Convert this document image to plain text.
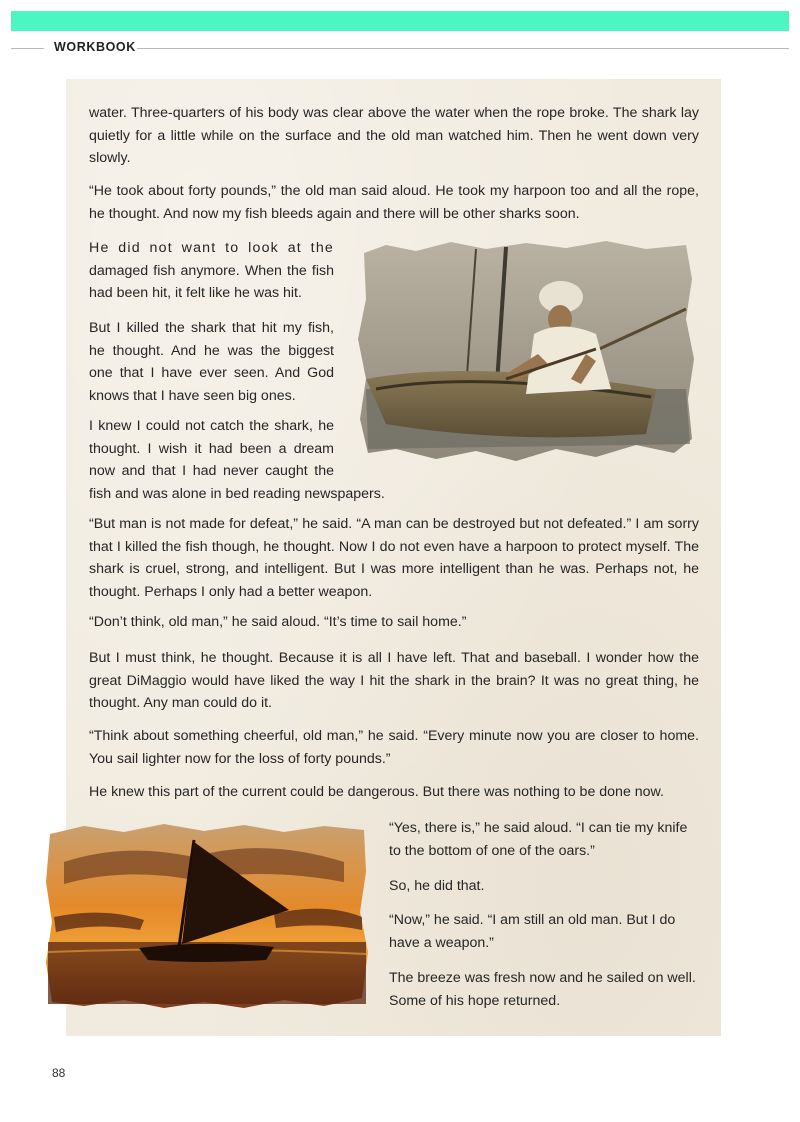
WORKBOOK

water. Three-quarters of his body was clear above the water when the rope broke. The shark lay quietly for a little while on the surface and the old man watched him. Then he went down very slowly.

“He took about forty pounds,” the old man said aloud. He took my harpoon too and all the rope, he thought. And now my fish bleeds again and there will be other sharks soon.

He did not want to look at the
damaged fish anymore. When the fish
had been hit, it felt like he was hit.
But I killed the shark that hit my fish,
he thought. And he was the biggest
one that I have ever seen. And God
knows that I have seen big ones.
I knew I could not catch the shark, he
thought. I wish it had been a dream
now and that I had never caught the
fish and was alone in bed reading newspapers.

“But man is not made for defeat,” he said. “A man can be destroyed but not defeated.” I am sorry that I killed the fish though, he thought. Now I do not even have a harpoon to protect myself. The shark is cruel, strong, and intelligent. But I was more intelligent than he was. Perhaps not, he thought. Perhaps I only had a better weapon.

“Don’t think, old man,” he said aloud. “It’s time to sail home.”

But I must think, he thought. Because it is all I have left. That and baseball. I wonder how the great DiMaggio would have liked the way I hit the shark in the brain? It was no great thing, he thought. Any man could do it.

“Think about something cheerful, old man,” he said. “Every minute now you are closer to home. You sail lighter now for the loss of forty pounds.”

He knew this part of the current could be dangerous. But there was nothing to be done now.

“Yes, there is,” he said aloud. “I can tie my knife
to the bottom of one of the oars.”

So, he did that.

“Now,” he said. “I am still an old man. But I do
have a weapon.”
The breeze was fresh now and he sailed on well.
Some of his hope returned.
88
